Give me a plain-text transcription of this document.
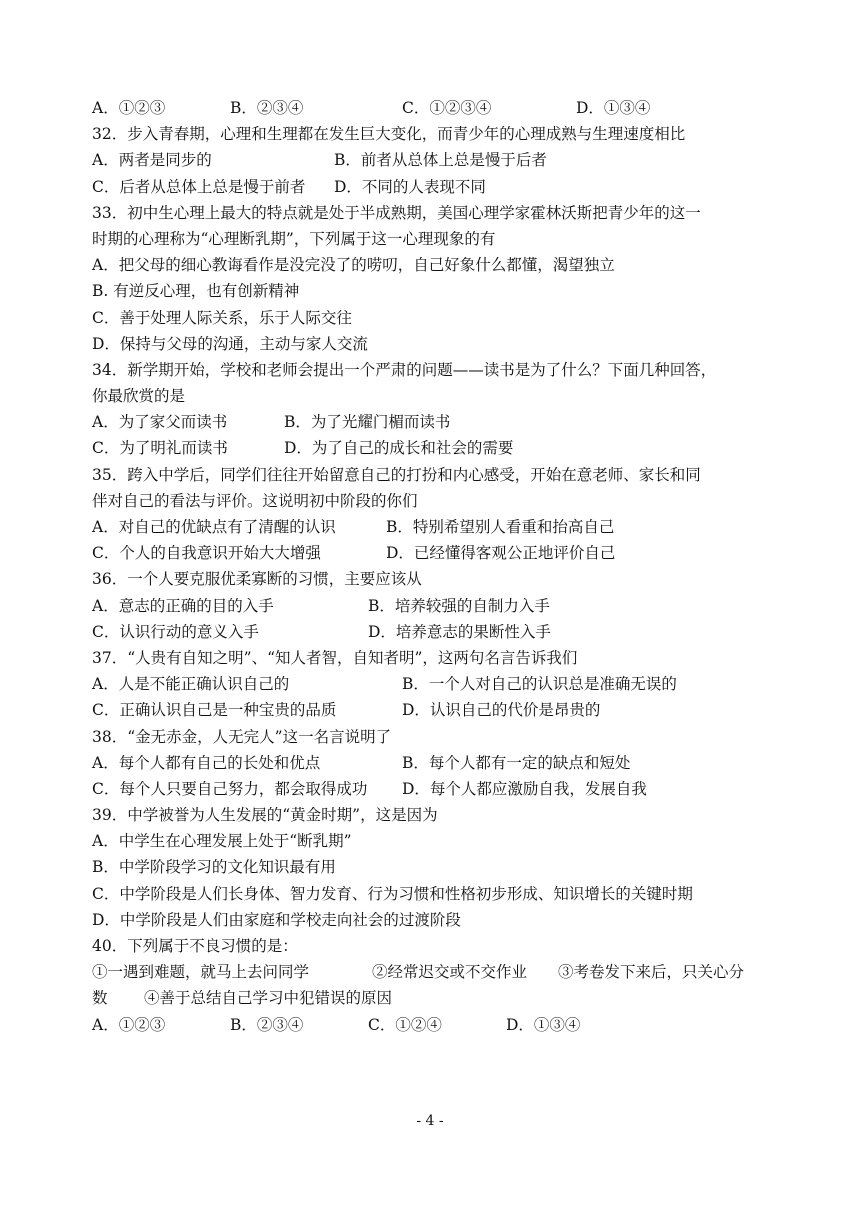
A．①②③	B．②③④	C．①②③④	D．①③④
32．步入青春期，心理和生理都在发生巨大变化，而青少年的心理成熟与生理速度相比
A．两者是同步的	B．前者从总体上总是慢于后者
C．后者从总体上总是慢于前者 D．不同的人表现不同
33．初中生心理上最大的特点就是处于半成熟期，美国心理学家霍林沃斯把青少年的这一
时期的心理称为“心理断乳期”，下列属于这一心理现象的有
A．把父母的细心教诲看作是没完没了的唠叨，自己好象什么都懂，渴望独立
B. 有逆反心理，也有创新精神
C．善于处理人际关系，乐于人际交往
D．保持与父母的沟通，主动与家人交流
34．新学期开始，学校和老师会提出一个严肃的问题——读书是为了什么？下面几种回答，
你最欣赏的是
A．为了家父而读书	B．为了光耀门楣而读书
C．为了明礼而读书	D．为了自己的成长和社会的需要
35．跨入中学后，同学们往往开始留意自己的打扮和内心感受，开始在意老师、家长和同
伴对自己的看法与评价。这说明初中阶段的你们
A．对自己的优缺点有了清醒的认识	B．特别希望别人看重和抬高自己
C．个人的自我意识开始大大增强	D．已经懂得客观公正地评价自己
36．一个人要克服优柔寡断的习惯，主要应该从
A．意志的正确的目的入手	B．培养较强的自制力入手
C．认识行动的意义入手	D．培养意志的果断性入手
37．“人贵有自知之明”、“知人者智，自知者明”，这两句名言告诉我们
A．人是不能正确认识自己的	B．一个人对自己的认识总是准确无误的
C．正确认识自己是一种宝贵的品质	D．认识自己的代价是昂贵的
38．“金无赤金，人无完人”这一名言说明了
A．每个人都有自己的长处和优点	B．每个人都有一定的缺点和短处
C．每个人只要自己努力，都会取得成功 D．每个人都应激励自我，发展自我
39．中学被誉为人生发展的“黄金时期”，这是因为
A．中学生在心理发展上处于“断乳期”
B．中学阶段学习的文化知识最有用
C．中学阶段是人们长身体、智力发育、行为习惯和性格初步形成、知识增长的关键时期
D．中学阶段是人们由家庭和学校走向社会的过渡阶段
40．下列属于不良习惯的是：
①一遇到难题，就马上去问同学	②经常迟交或不交作业 ③考卷发下来后，只关心分
数 ④善于总结自己学习中犯错误的原因
A．①②③	B．②③④	C．①②④	D．①③④
- 4 -
